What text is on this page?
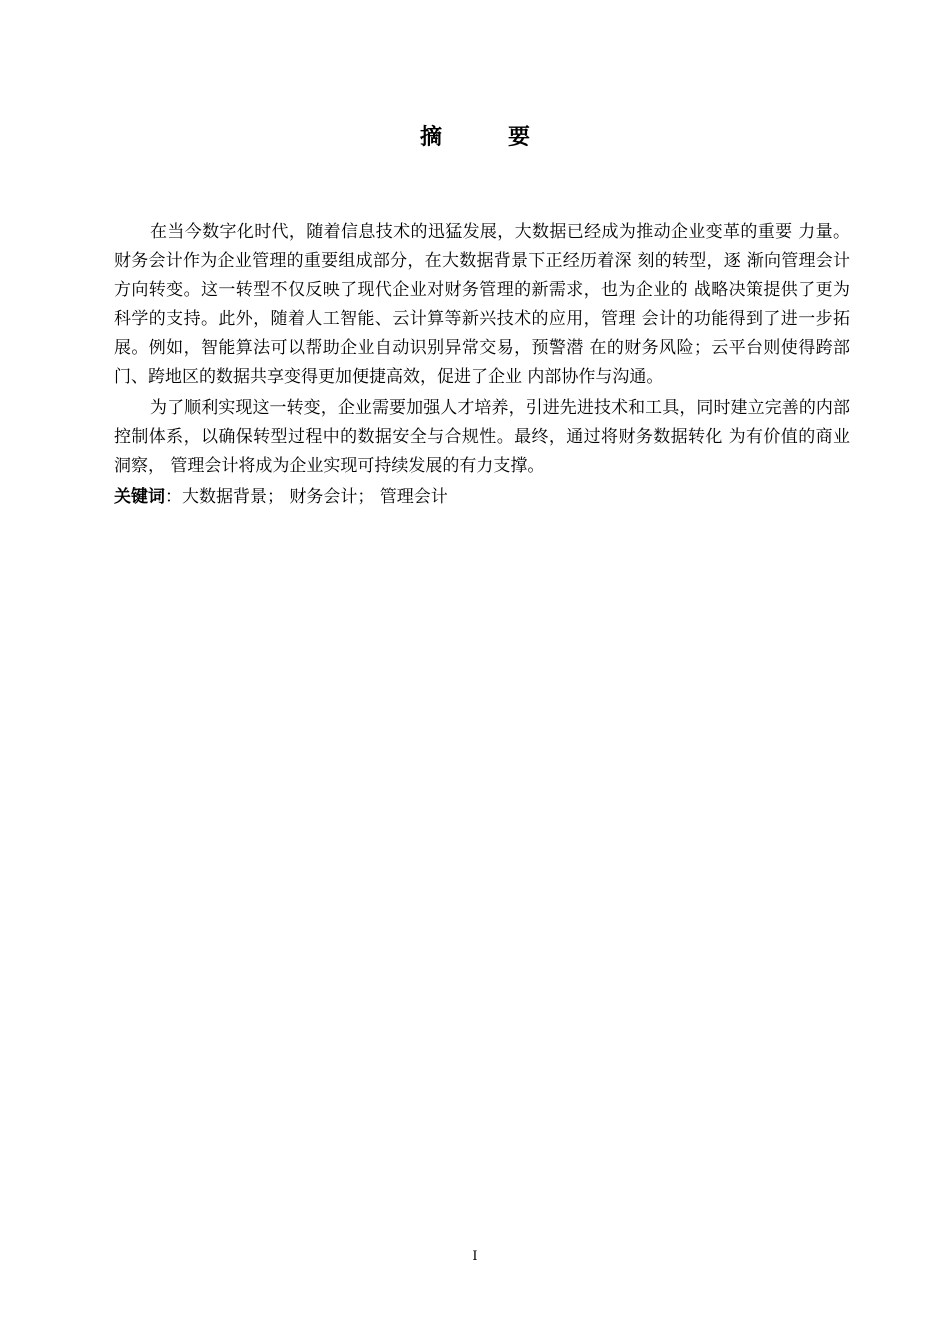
摘　要

在当今数字化时代，随着信息技术的迅猛发展，大数据已经成为推动企业变革的重要 力量。财务会计作为企业管理的重要组成部分，在大数据背景下正经历着深 刻的转型，逐 渐向管理会计方向转变。这一转型不仅反映了现代企业对财务管理的新需求，也为企业的 战略决策提供了更为科学的支持。此外，随着人工智能、云计算等新兴技术的应用，管理 会计的功能得到了进一步拓展。例如，智能算法可以帮助企业自动识别异常交易，预警潜 在的财务风险；云平台则使得跨部门、跨地区的数据共享变得更加便捷高效，促进了企业 内部协作与沟通。

为了顺利实现这一转变，企业需要加强人才培养，引进先进技术和工具，同时建立完善的内部控制体系，以确保转型过程中的数据安全与合规性。最终，通过将财务数据转化 为有价值的商业洞察， 管理会计将成为企业实现可持续发展的有力支撑。

关键词：大数据背景； 财务会计； 管理会计
I
